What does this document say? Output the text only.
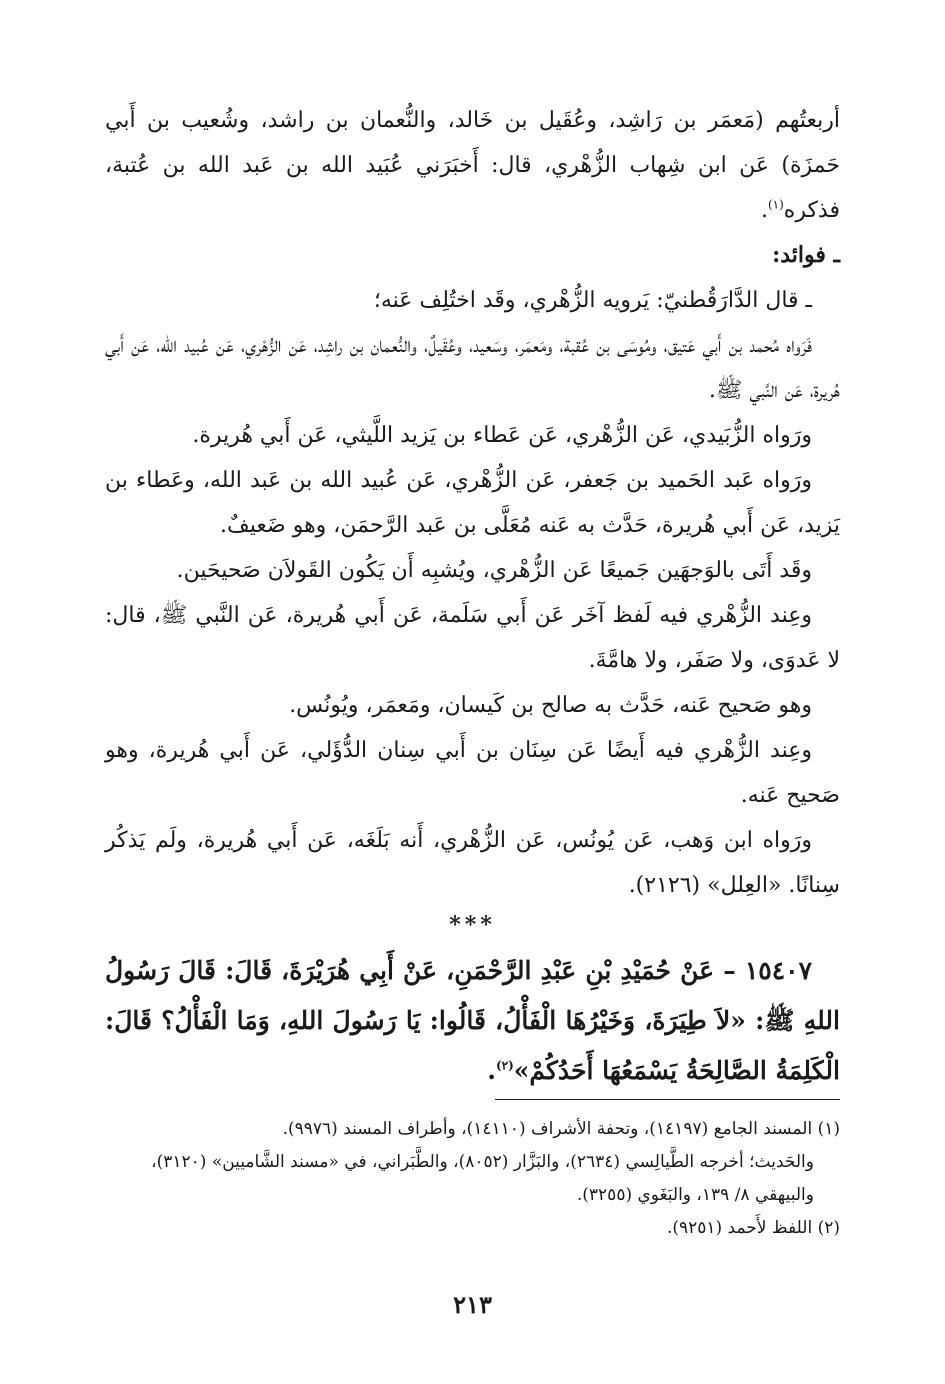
أربعتُهم (مَعمَر بن رَاشِد، وعُقَيل بن خَالد، والنُّعمان بن راشد، وشُعيب بن أَبي حَمزَة) عَن ابن شِهاب الزُّهْري، قال: أَخبَرَني عُبَيد الله بن عَبد الله بن عُتبة، فذكره$^{(١)}$.

ـ فوائد:

ـ قال الدَّارَقُطنيّ: يَرويه الزُّهْري، وقَد اختُلِف عَنه؛

فَرَواه مُحمد بن أَبي عَتيق، ومُوسَى بن عُقبة، ومَعمَر، وسَعيد، وعُقَيلٌ، والنُّعمان بن راشِد، عَن الزُّهْري، عَن عُبيد الله، عَن أَبي هُريرة، عَن النَّبي ﷺ.

ورَواه الزُّبَيدي، عَن الزُّهْري، عَن عَطاء بن يَزيد اللَّيثي، عَن أَبي هُريرة.

ورَواه عَبد الحَميد بن جَعفر، عَن الزُّهْري، عَن عُبيد الله بن عَبد الله، وعَطاء بن يَزيد، عَن أَبي هُريرة، حَدَّث به عَنه مُعَلَّى بن عَبد الرَّحمَن، وهو ضَعيفٌ.

وقَد أَتَى بالوَجهَين جَميعًا عَن الزُّهْري، ويُشبِه أَن يَكُون القَولاَن صَحيحَين.

وعِند الزُّهْري فيه لَفظ آخَر عَن أَبي سَلَمة، عَن أَبي هُريرة، عَن النَّبي ﷺ، قال: لا عَدوَى، ولا صَفَر، ولا هامَّةَ.

وهو صَحيح عَنه، حَدَّث به صالح بن كَيسان، ومَعمَر، ويُونُس.

وعِند الزُّهْري فيه أَيضًا عَن سِنَان بن أَبي سِنان الدُّؤَلي، عَن أَبي هُريرة، وهو صَحيح عَنه.

ورَواه ابن وَهب، عَن يُونُس، عَن الزُّهْري، أَنه بَلَغَه، عَن أَبي هُريرة، ولَم يَذكُر سِنانًا. «العِلل» (٢١٢٦).

***

١٥٤٠٧ – عَنْ حُمَيْدِ بْنِ عَبْدِ الرَّحْمَنِ، عَنْ أَبِي هُرَيْرَةَ، قَالَ: قَالَ رَسُولُ اللهِ ﷺ: «لاَ طِيَرَةَ، وَخَيْرُهَا الْفَأْلُ، قَالُوا: يَا رَسُولَ اللهِ، وَمَا الْفَأْلُ؟ قَالَ: الْكَلِمَةُ الصَّالِحَةُ يَسْمَعُهَا أَحَدُكُمْ»$^{(٢)}$.

(١) المسند الجامع (١٤١٩٧)، وتحفة الأشراف (١٤١١٠)، وأطراف المسند (٩٩٧٦).

والحَديث؛ أخرجه الطَّيالِسي (٢٦٣٤)، والبَزَّار (٨٠٥٢)، والطَّبَراني، في «مسند الشَّاميين» (٣١٢٠)، والبيهقي ٨/ ١٣٩، والبَغَوي (٣٢٥٥).

(٢) اللفظ لأَحمد (٩٢٥١).

٢١٣
